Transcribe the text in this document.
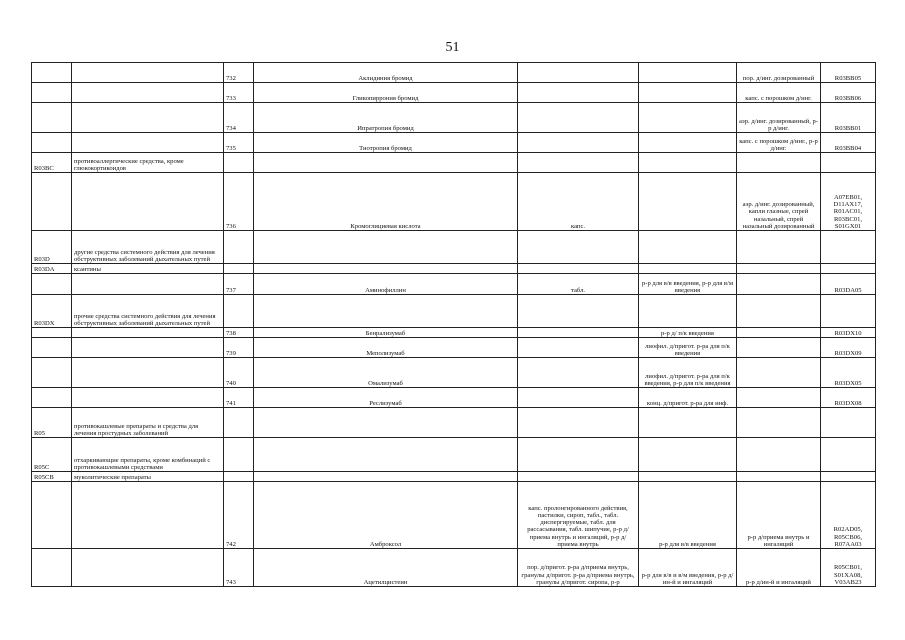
51
		732	Аклидиния бромид			пор. д/инг. дозированный	R03BB05
		733	Гликопиррония бромид			капс. с порошком д/инг.	R03BB06
		734	Ипратропия бромид			аэр. д/инг. дозированный, р-р д/инг.	R03BB01
		735	Тиотропия бромид			капс. с порошком д/инг., р-р д/инг.	R03BB04
R03BC	противоаллергические средства, кроме глюкокортикоидов						
		736	Кромоглициевая кислота	капс.		аэр. д/инг. дозированный, капли глазные, спрей назальный, спрей назальный дозированный	A07EB01, D11AX17, R01AC01, R03BC01, S01GX01
R03D	другие средства системного действия для лечения обструктивных заболеваний дыхательных путей						
R03DA	ксантины						
		737	Аминофиллин	табл.	р-р для в/в введения, р-р для в/м введения		R03DA05
R03DX	прочие средства системного действия для лечения обструктивных заболеваний дыхательных путей						
		738	Бенрализумаб		р-р д/ п/к введения		R03DX10
		739	Меполизумаб		лиофил. д/пригот. р-ра для п/к введения		R03DX09
		740	Омализумаб		лиофил. д/пригот. р-ра для п/к введения, р-р для п/к введения		R03DX05
		741	Реслизумаб		конц. д/пригот. р-ра для инф.		R03DX08
R05	противокашлевые препараты и средства для лечения простудных заболеваний						
R05C	отхаркивающие препараты, кроме комбинаций с противокашлевыми средствами						
R05CB	муколитические препараты						
		742	Амброксол	капс. пролонгированного действия, пастилки, сироп, табл., табл. диспергируемые, табл. для рассасывания, табл. шипучие, р-р д/приема внутрь и ингаляций, р-р д/приема внутрь	р-р для в/в введения	р-р д/приема внутрь и ингаляций	R02AD05, R05CB06, R07AA03
		743	Ацетилцистеин	пор. д/пригот. р-ра д/приема внутрь, гранулы д/пригот. р-ра д/приема внутрь, гранулы д/пригот. сиропа, р-р	р-р для в/в и в/м введения, р-р д/ин-й и ингаляций	р-р д/ин-й и ингаляций	R05CB01, S01XA08, V03AB23
